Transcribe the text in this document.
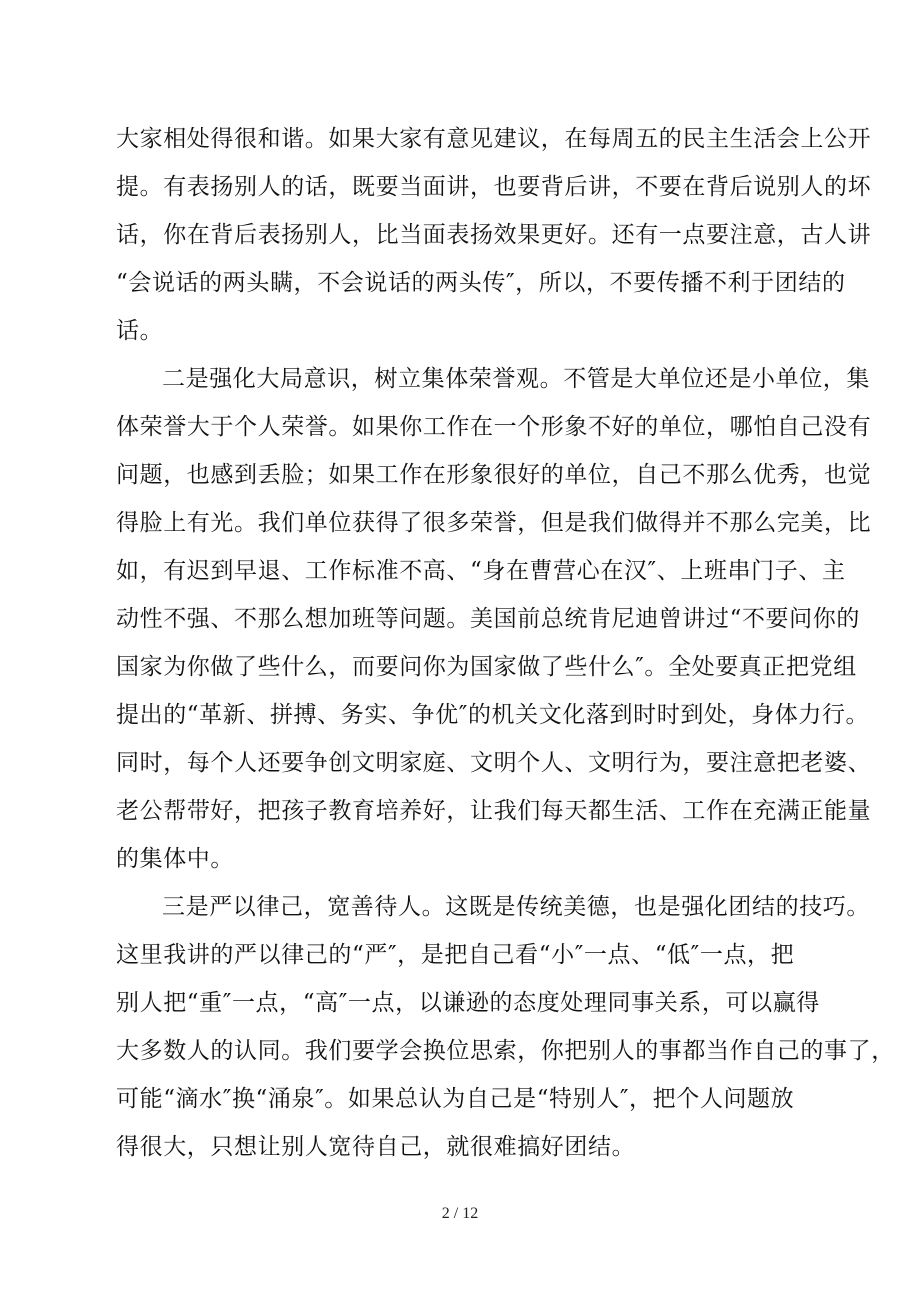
大家相处得很和谐。如果大家有意见建议，在每周五的民主生活会上公开
提。有表扬别人的话，既要当面讲，也要背后讲，不要在背后说别人的坏
话，你在背后表扬别人，比当面表扬效果更好。还有一点要注意，古人讲
“会说话的两头瞒，不会说话的两头传″，所以，不要传播不利于团结的
话。
二是强化大局意识，树立集体荣誉观。不管是大单位还是小单位，集
体荣誉大于个人荣誉。如果你工作在一个形象不好的单位，哪怕自己没有
问题，也感到丢脸；如果工作在形象很好的单位，自己不那么优秀，也觉
得脸上有光。我们单位获得了很多荣誉，但是我们做得并不那么完美，比
如，有迟到早退、工作标准不高、“身在曹营心在汉″、上班串门子、主
动性不强、不那么想加班等问题。美国前总统肯尼迪曾讲过“不要问你的
国家为你做了些什么，而要问你为国家做了些什么″。全处要真正把党组
提出的“革新、拼搏、务实、争优″的机关文化落到时时到处，身体力行。
同时，每个人还要争创文明家庭、文明个人、文明行为，要注意把老婆、
老公帮带好，把孩子教育培养好，让我们每天都生活、工作在充满正能量
的集体中。
三是严以律己，宽善待人。这既是传统美德，也是强化团结的技巧。
这里我讲的严以律己的“严″，是把自己看“小″一点、“低″一点，把
别人把“重″一点，“高″一点，以谦逊的态度处理同事关系，可以赢得
大多数人的认同。我们要学会换位思索，你把别人的事都当作自己的事了，
可能“滴水″换“涌泉″。如果总认为自己是“特别人″，把个人问题放
得很大，只想让别人宽待自己，就很难搞好团结。
2 / 12
